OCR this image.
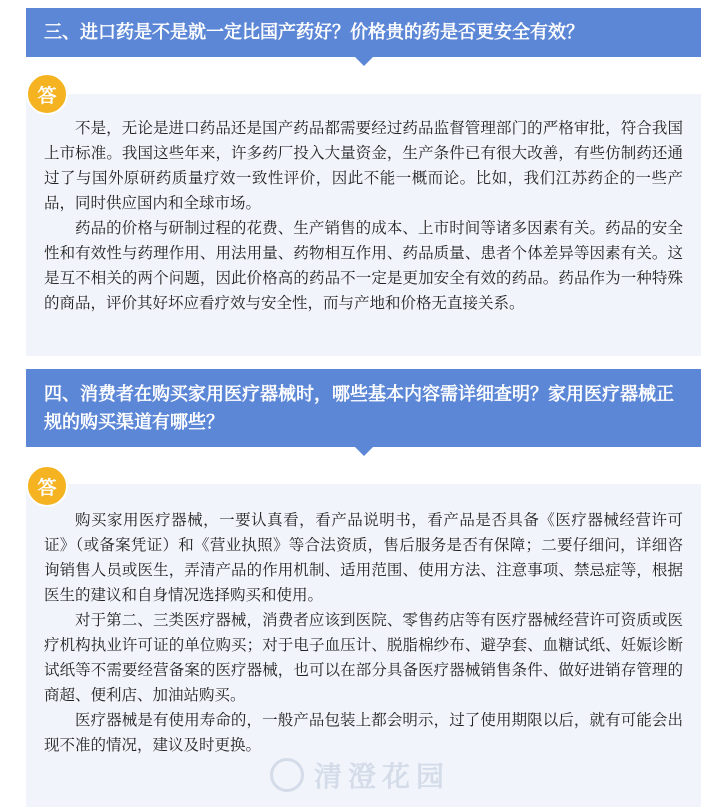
三、进口药是不是就一定比国产药好？价格贵的药是否更安全有效？

不是，无论是进口药品还是国产药品都需要经过药品监督管理部门的严格审批，符合我国上市标准。我国这些年来，许多药厂投入大量资金，生产条件已有很大改善，有些仿制药还通过了与国外原研药质量疗效一致性评价，因此不能一概而论。比如，我们江苏药企的一些产品，同时供应国内和全球市场。

药品的价格与研制过程的花费、生产销售的成本、上市时间等诸多因素有关。药品的安全性和有效性与药理作用、用法用量、药物相互作用、药品质量、患者个体差异等因素有关。这是互不相关的两个问题，因此价格高的药品不一定是更加安全有效的药品。药品作为一种特殊的商品，评价其好坏应看疗效与安全性，而与产地和价格无直接关系。

答
四、消费者在购买家用医疗器械时，哪些基本内容需详细查明？家用医疗器械正规的购买渠道有哪些？

购买家用医疗器械，一要认真看，看产品说明书，看产品是否具备《医疗器械经营许可证》（或备案凭证）和《营业执照》等合法资质，售后服务是否有保障；二要仔细问，详细咨询销售人员或医生，弄清产品的作用机制、适用范围、使用方法、注意事项、禁忌症等，根据医生的建议和自身情况选择购买和使用。

对于第二、三类医疗器械，消费者应该到医院、零售药店等有医疗器械经营许可资质或医疗机构执业许可证的单位购买；对于电子血压计、脱脂棉纱布、避孕套、血糖试纸、妊娠诊断试纸等不需要经营备案的医疗器械，也可以在部分具备医疗器械销售条件、做好进销存管理的商超、便利店、加油站购买。

医疗器械是有使用寿命的，一般产品包装上都会明示，过了使用期限以后，就有可能会出现不准的情况，建议及时更换。

答
清澄花园
